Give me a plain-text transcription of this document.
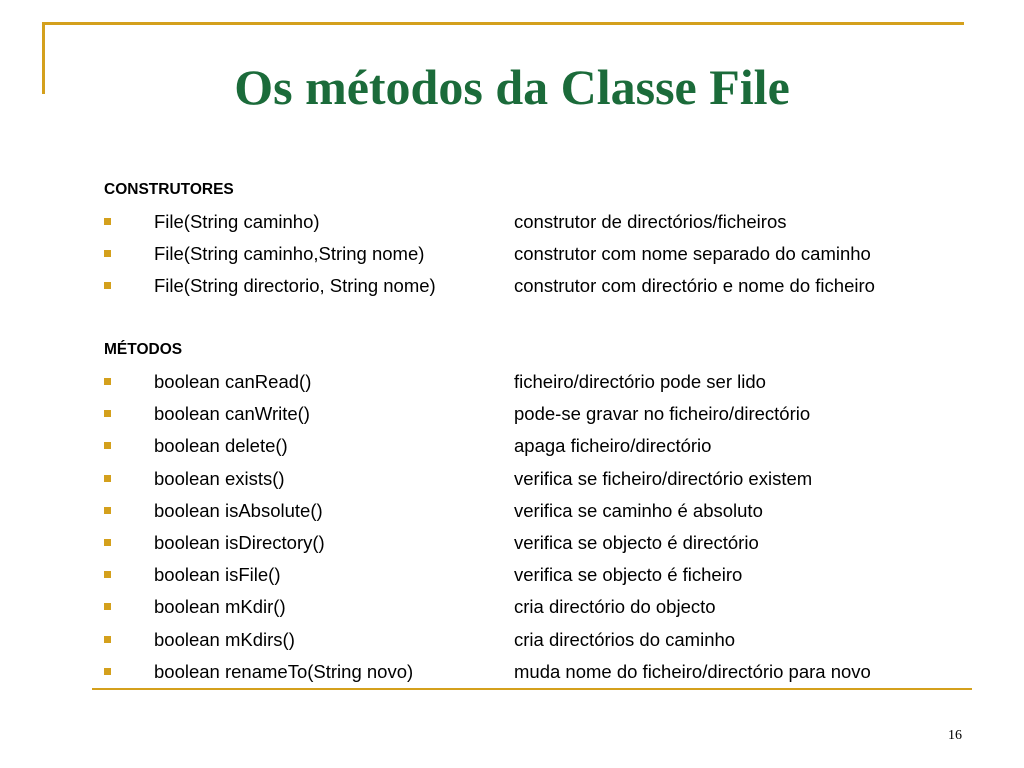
Os métodos da Classe File
CONSTRUTORES
File(String caminho)	construtor de directórios/ficheiros
File(String caminho,String nome)	construtor com nome separado do caminho
File(String directorio, String nome)	construtor com directório e nome do ficheiro
MÉTODOS
boolean canRead()	ficheiro/directório pode ser lido
boolean canWrite()	pode-se gravar no ficheiro/directório
boolean delete()	apaga ficheiro/directório
boolean exists()	verifica se ficheiro/directório existem
boolean isAbsolute()	verifica se caminho é absoluto
boolean isDirectory()	verifica se objecto é directório
boolean isFile()	verifica se objecto é ficheiro
boolean mKdir()	cria directório do objecto
boolean mKdirs()	cria directórios do caminho
boolean renameTo(String novo)	muda nome do ficheiro/directório para novo
16
